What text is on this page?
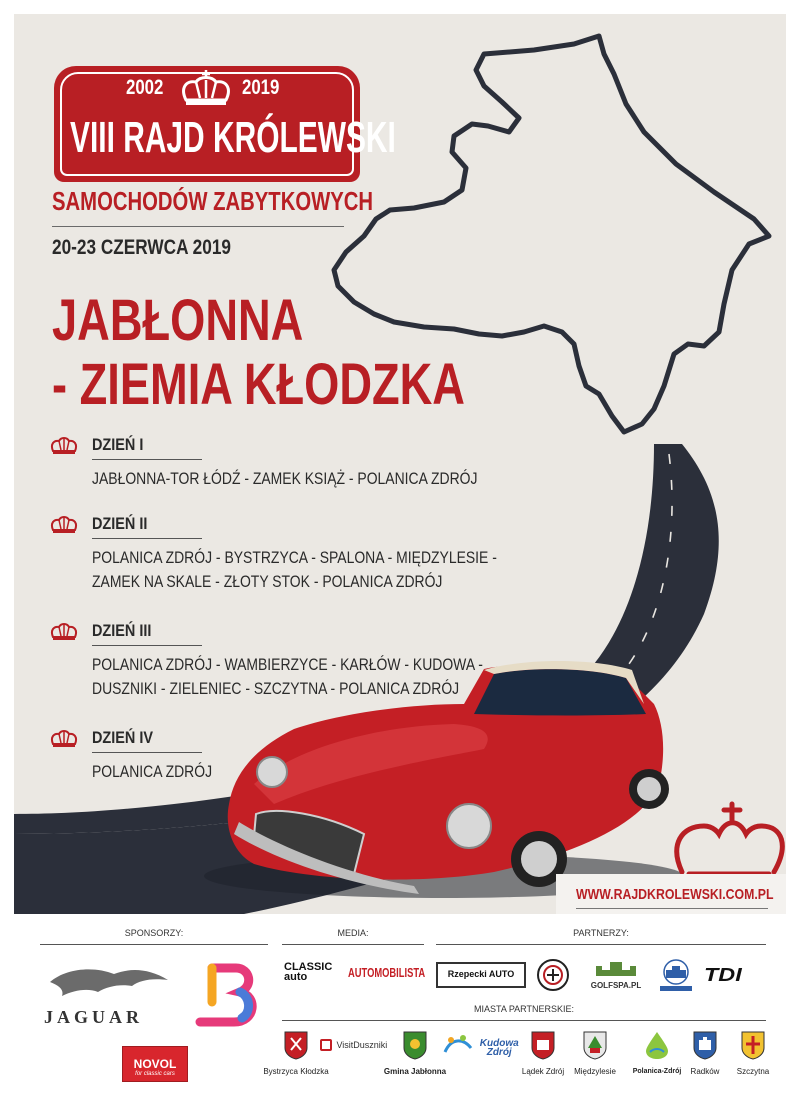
2002	2019
VIII RAJD KRÓLEWSKI
SAMOCHODÓW ZABYTKOWYCH
20-23 CZERWCA 2019
JABŁONNA
- ZIEMIA KŁODZKA
DZIEŃ I
JABŁONNA-TOR ŁÓDŹ - ZAMEK KSIĄŻ - POLANICA ZDRÓJ
DZIEŃ II
POLANICA ZDRÓJ - BYSTRZYCA - SPALONA - MIĘDZYLESIE -
ZAMEK NA SKALE - ZŁOTY STOK - POLANICA ZDRÓJ
DZIEŃ III
POLANICA ZDRÓJ - WAMBIERZYCE - KARŁÓW - KUDOWA -
DUSZNIKI - ZIELENIEC - SZCZYTNA - POLANICA ZDRÓJ
DZIEŃ IV
POLANICA ZDRÓJ
WWW.RAJDKROLEWSKI.COM.PL
SPONSORZY:	MEDIA:	PARTNERZY:
JAGUAR
NOVOL
for classic cars
CLASSIC
auto	AUTOMOBILISTA	Rzepecki AUTO
GOLFSPA.PL
TDI
MIASTA PARTNERSKIE:
Bystrzyca Kłodzka
VisitDuszniki
Gmina Jabłonna
Kudowa Zdrój
Lądek Zdrój	Międzylesie	Polanica-Zdrój	Radków	Szczytna
